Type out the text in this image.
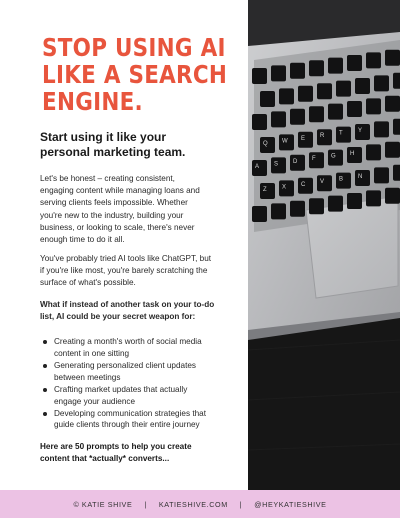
STOP USING AI
LIKE A SEARCH
ENGINE.
Start using it like your
personal marketing team.

Let's be honest – creating consistent,
engaging content while managing loans and
serving clients feels impossible. Whether
you're new to the industry, building your
business, or looking to scale, there's never
enough time to do it all.

You've probably tried AI tools like ChatGPT, but
if you're like most, you're barely scratching the
surface of what's possible.

What if instead of another task on your to-do
list, AI could be your secret weapon for:

Creating a month's worth of social media
content in one sitting
Generating personalized client updates
between meetings
Crafting market updates that actually
engage your audience
Developing communication strategies that
guide clients through their entire journey

Here are 50 prompts to help you create
content that *actually* converts...

Q W E R T	Y
A S D F	G H
Z	X C V B N
© KATIE SHIVE | KATIESHIVE.COM | @HEYKATIESHIVE
